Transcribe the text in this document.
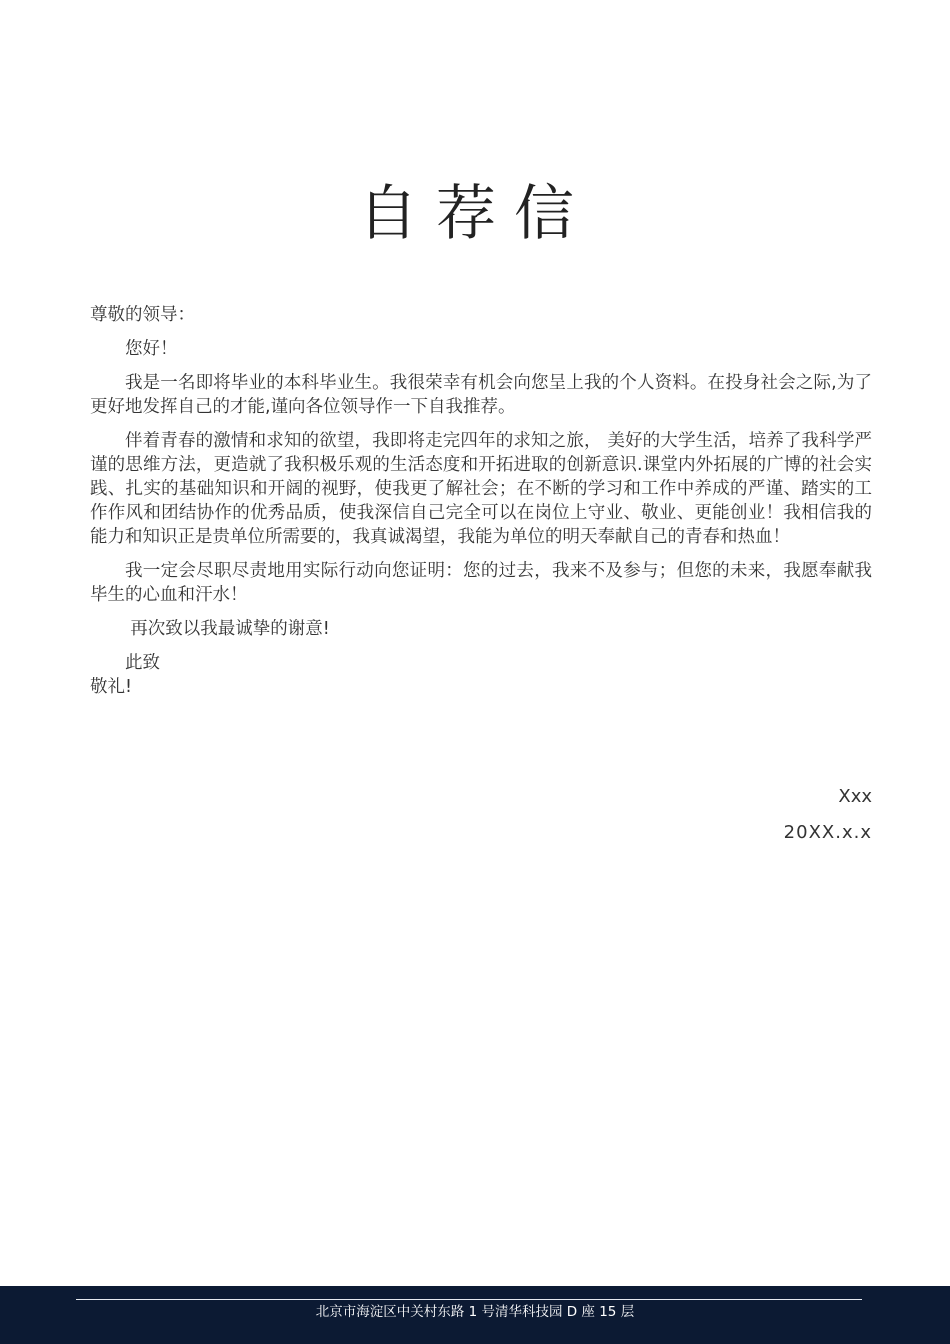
自荐信

尊敬的领导：

您好！

我是一名即将毕业的本科毕业生。我很荣幸有机会向您呈上我的个人资料。在投身社会之际,为了更好地发挥自己的才能,谨向各位领导作一下自我推荐。

伴着青春的激情和求知的欲望，我即将走完四年的求知之旅， 美好的大学生活，培养了我科学严谨的思维方法，更造就了我积极乐观的生活态度和开拓进取的创新意识.课堂内外拓展的广博的社会实践、扎实的基础知识和开阔的视野，使我更了解社会；在不断的学习和工作中养成的严谨、踏实的工作作风和团结协作的优秀品质，使我深信自己完全可以在岗位上守业、敬业、更能创业！我相信我的能力和知识正是贵单位所需要的，我真诚渴望，我能为单位的明天奉献自己的青春和热血！

我一定会尽职尽责地用实际行动向您证明：您的过去，我来不及参与；但您的未来，我愿奉献我毕生的心血和汗水！

再次致以我最诚挚的谢意!

此致

敬礼!

Xxx

20XX.x.x

北京市海淀区中关村东路 1 号清华科技园 D 座 15 层
